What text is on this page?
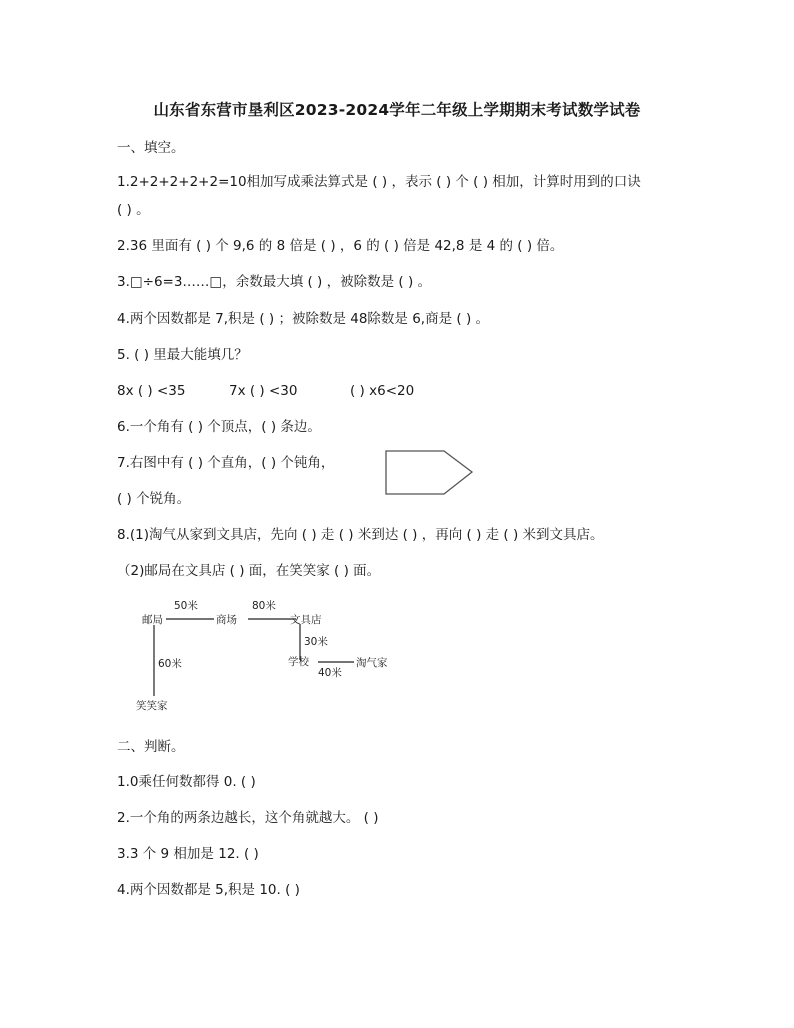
山东省东营市垦利区2023-2024学年二年级上学期期末考试数学试卷
一、填空。
1.2+2+2+2+2=10相加写成乘法算式是 ( ) ，表示 ( ) 个 ( ) 相加，计算时用到的口诀
( ) 。
2.36 里面有 ( ) 个 9,6 的 8 倍是 ( ) ，6 的 ( ) 倍是 42,8 是 4 的 ( ) 倍。
3.□÷6=3……□，余数最大填 ( ) ，被除数是 ( ) 。
4.两个因数都是 7,积是 ( ) ；被除数是 48除数是 6,商是 ( ) 。
5. ( ) 里最大能填几？
8x ( ) <35	7x ( ) <30	( ) x6<20
6.一个角有 ( ) 个顶点，( ) 条边。
7.右图中有 ( ) 个直角，( ) 个钝角，
( ) 个锐角。
8.(1)淘气从家到文具店，先向 ( ) 走 ( ) 米到达 ( ) ，再向 ( ) 走 ( ) 米到文具店。
（2)邮局在文具店 ( ) 面，在笑笑家 ( ) 面。
邮局	商场	文具店
学校	淘气家
笑笑家
50米	80米
30米
40米
60米
二、判断。
1.0乘任何数都得 0. ( )
2.一个角的两条边越长，这个角就越大。 ( )
3.3 个 9 相加是 12. ( )
4.两个因数都是 5,积是 10. ( )
